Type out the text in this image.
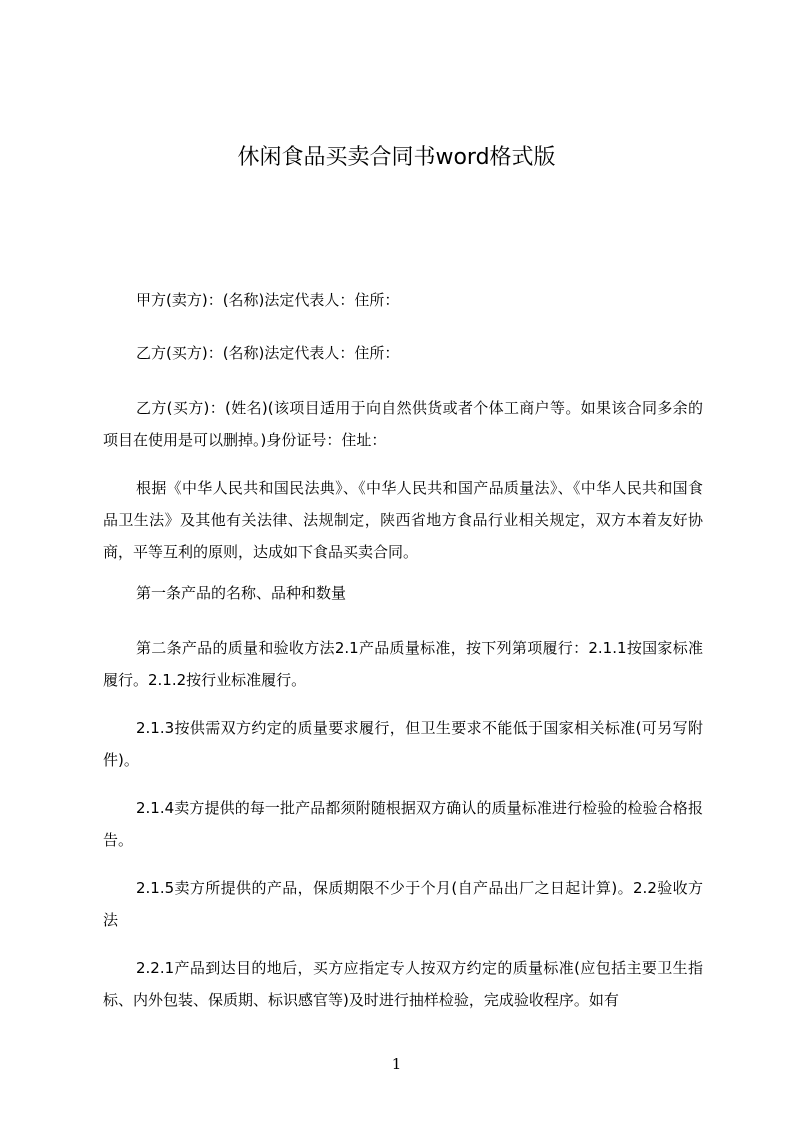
休闲食品买卖合同书word格式版

甲方(卖方)：(名称)法定代表人：住所：

乙方(买方)：(名称)法定代表人：住所：

乙方(买方)：(姓名)(该项目适用于向自然供货或者个体工商户等。如果该合同多余的项目在使用是可以删掉。)身份证号：住址：

根据《中华人民共和国民法典》、《中华人民共和国产品质量法》、《中华人民共和国食品卫生法》及其他有关法律、法规制定，陕西省地方食品行业相关规定，双方本着友好协商，平等互利的原则，达成如下食品买卖合同。

第一条产品的名称、品种和数量

第二条产品的质量和验收方法2.1产品质量标准，按下列第项履行：2.1.1按国家标准履行。2.1.2按行业标准履行。

2.1.3按供需双方约定的质量要求履行，但卫生要求不能低于国家相关标准(可另写附件)。

2.1.4卖方提供的每一批产品都须附随根据双方确认的质量标准进行检验的检验合格报告。

2.1.5卖方所提供的产品，保质期限不少于个月(自产品出厂之日起计算)。2.2验收方法

2.2.1产品到达目的地后，买方应指定专人按双方约定的质量标准(应包括主要卫生指标、内外包装、保质期、标识感官等)及时进行抽样检验，完成验收程序。如有

1
